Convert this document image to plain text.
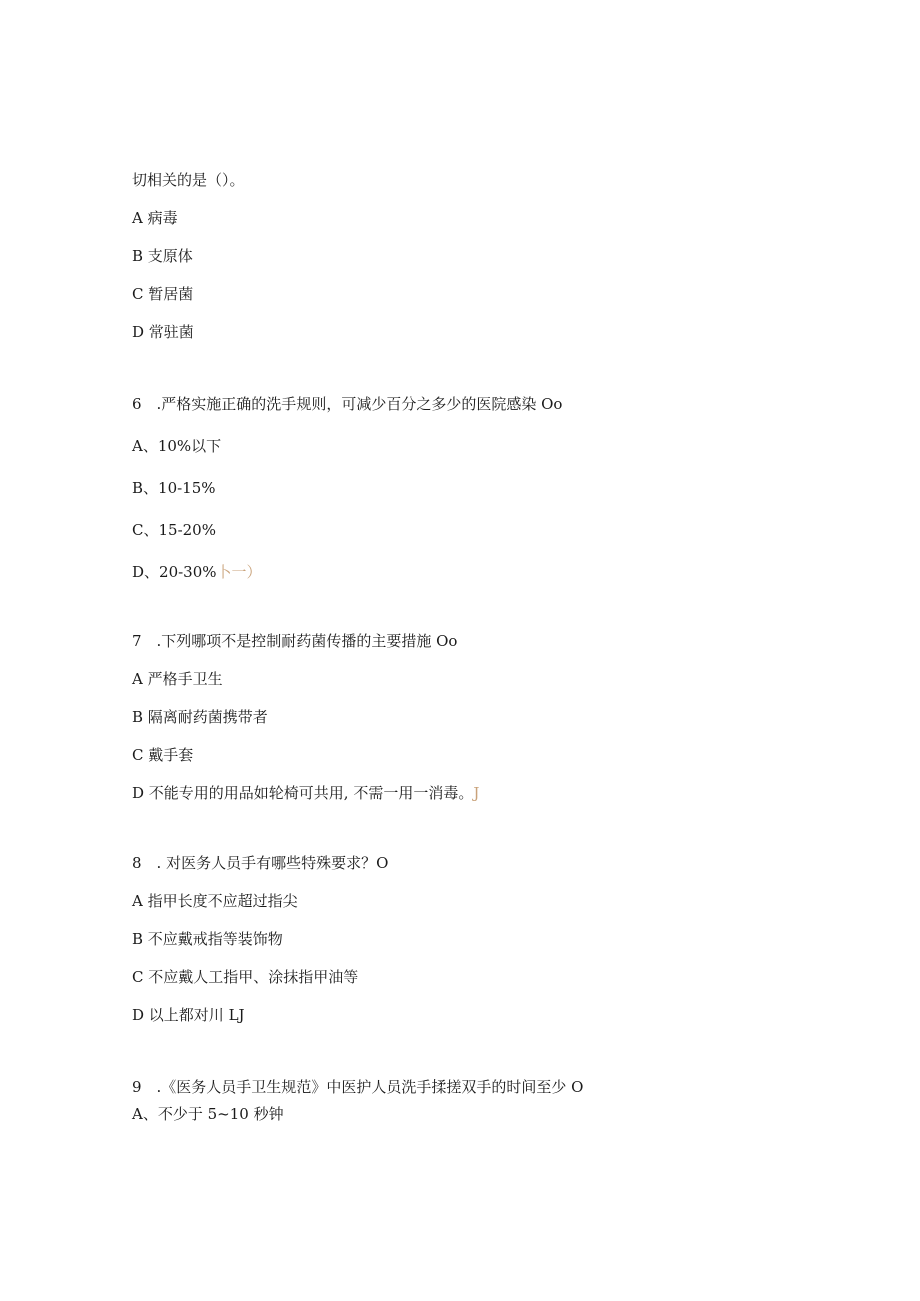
切相关的是（）。
A 病毒
B 支原体
C 暂居菌
D 常驻菌
6　.严格实施正确的洗手规则，可减少百分之多少的医院感染 Oo
A、10%以下
B、10-15%
C、15-20%
D、20-30%卜一）
7　.下列哪项不是控制耐药菌传播的主要措施 Oo
A 严格手卫生
B 隔离耐药菌携带者
C 戴手套
D 不能专用的用品如轮椅可共用, 不需一用一消毒。J
8　. 对医务人员手有哪些特殊要求？O
A 指甲长度不应超过指尖
B 不应戴戒指等装饰物
C 不应戴人工指甲、涂抹指甲油等
D 以上都对川 LJ
9　.《医务人员手卫生规范》中医护人员洗手揉搓双手的时间至少 O
A、不少于 5~10 秒钟
